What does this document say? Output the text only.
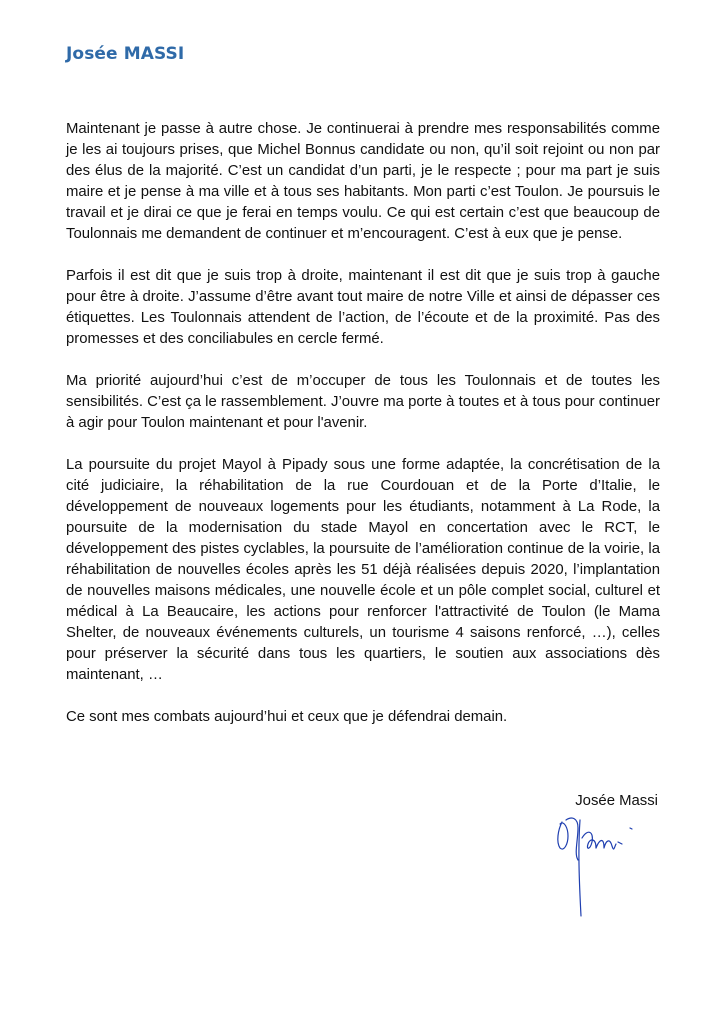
Josée MASSI

Maintenant je passe à autre chose. Je continuerai à prendre mes responsabilités comme je les ai toujours prises, que Michel Bonnus candidate ou non, qu’il soit rejoint ou non par des élus de la majorité. C’est un candidat d’un parti, je le respecte ; pour ma part je suis maire et je pense à ma ville et à tous ses habitants. Mon parti c’est Toulon. Je poursuis le travail et je dirai ce que je ferai en temps voulu. Ce qui est certain c’est que beaucoup de Toulonnais me demandent de continuer et m’encouragent. C’est à eux que je pense.

Parfois il est dit que je suis trop à droite, maintenant il est dit que je suis trop à gauche pour être à droite. J’assume d’être avant tout maire de notre Ville et ainsi de dépasser ces étiquettes. Les Toulonnais attendent de l’action, de l’écoute et de la proximité. Pas des promesses et des conciliabules en cercle fermé.

Ma priorité aujourd’hui c’est de m’occuper de tous les Toulonnais et de toutes les sensibilités. C’est ça le rassemblement. J’ouvre ma porte à toutes et à tous pour continuer à agir pour Toulon maintenant et pour l'avenir.

La poursuite du projet Mayol à Pipady sous une forme adaptée, la concrétisation de la cité judiciaire, la réhabilitation de la rue Courdouan et de la Porte d’Italie, le développement de nouveaux logements pour les étudiants, notamment à La Rode, la poursuite de la modernisation du stade Mayol en concertation avec le RCT, le développement des pistes cyclables, la poursuite de l’amélioration continue de la voirie, la réhabilitation de nouvelles écoles après les 51 déjà réalisées depuis 2020, l’implantation de nouvelles maisons médicales, une nouvelle école et un pôle complet social, culturel et médical à La Beaucaire, les actions pour renforcer l'attractivité de Toulon (le Mama Shelter, de nouveaux événements culturels, un tourisme 4 saisons renforcé, …), celles pour préserver la sécurité dans tous les quartiers, le soutien aux associations dès maintenant, …

Ce sont mes combats aujourd’hui et ceux que je défendrai demain.

Josée Massi
